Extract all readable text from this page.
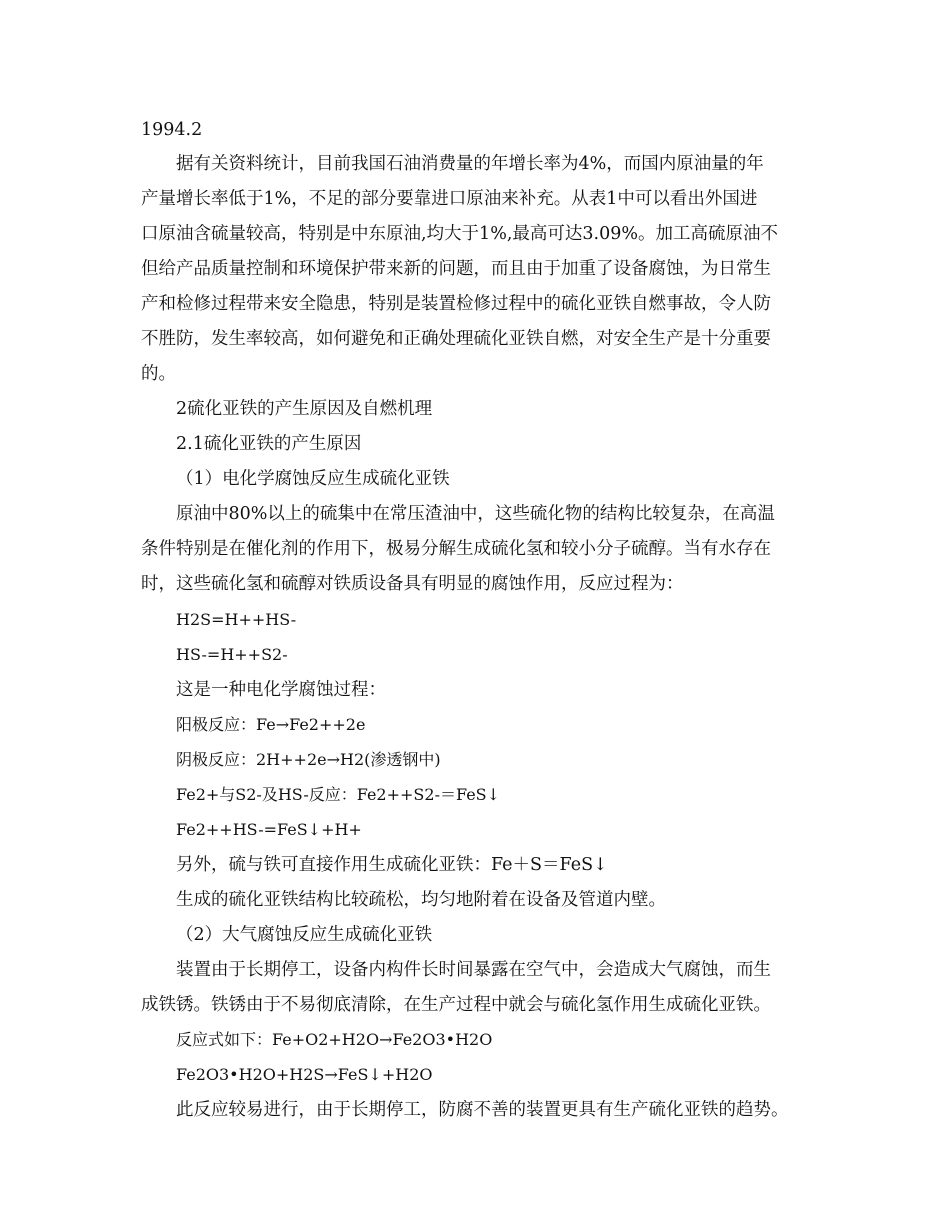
1994.2
据有关资料统计，目前我国石油消费量的年增长率为4%，而国内原油量的年
产量增长率低于1%，不足的部分要靠进口原油来补充。从表1中可以看出外国进
口原油含硫量较高，特别是中东原油,均大于1%,最高可达3.09%。加工高硫原油不
但给产品质量控制和环境保护带来新的问题，而且由于加重了设备腐蚀，为日常生
产和检修过程带来安全隐患，特别是装置检修过程中的硫化亚铁自燃事故，令人防
不胜防，发生率较高，如何避免和正确处理硫化亚铁自燃，对安全生产是十分重要
的。
2硫化亚铁的产生原因及自燃机理
2.1硫化亚铁的产生原因
（1）电化学腐蚀反应生成硫化亚铁
原油中80%以上的硫集中在常压渣油中，这些硫化物的结构比较复杂，在高温
条件特别是在催化剂的作用下，极易分解生成硫化氢和较小分子硫醇。当有水存在
时，这些硫化氢和硫醇对铁质设备具有明显的腐蚀作用，反应过程为：
H2S=H++HS-
HS-=H++S2-
这是一种电化学腐蚀过程：
阳极反应：Fe→Fe2++2e
阴极反应：2H++2e→H2(渗透钢中)
Fe2+与S2-及HS-反应：Fe2++S2-＝FeS↓
Fe2++HS-=FeS↓+H+
另外，硫与铁可直接作用生成硫化亚铁：Fe＋S＝FeS↓
生成的硫化亚铁结构比较疏松，均匀地附着在设备及管道内壁。
（2）大气腐蚀反应生成硫化亚铁
装置由于长期停工，设备内构件长时间暴露在空气中，会造成大气腐蚀，而生
成铁锈。铁锈由于不易彻底清除，在生产过程中就会与硫化氢作用生成硫化亚铁。
反应式如下：Fe+O2+H2O→Fe2O3•H2O
Fe2O3•H2O+H2S→FeS↓+H2O
此反应较易进行，由于长期停工，防腐不善的装置更具有生产硫化亚铁的趋势。
